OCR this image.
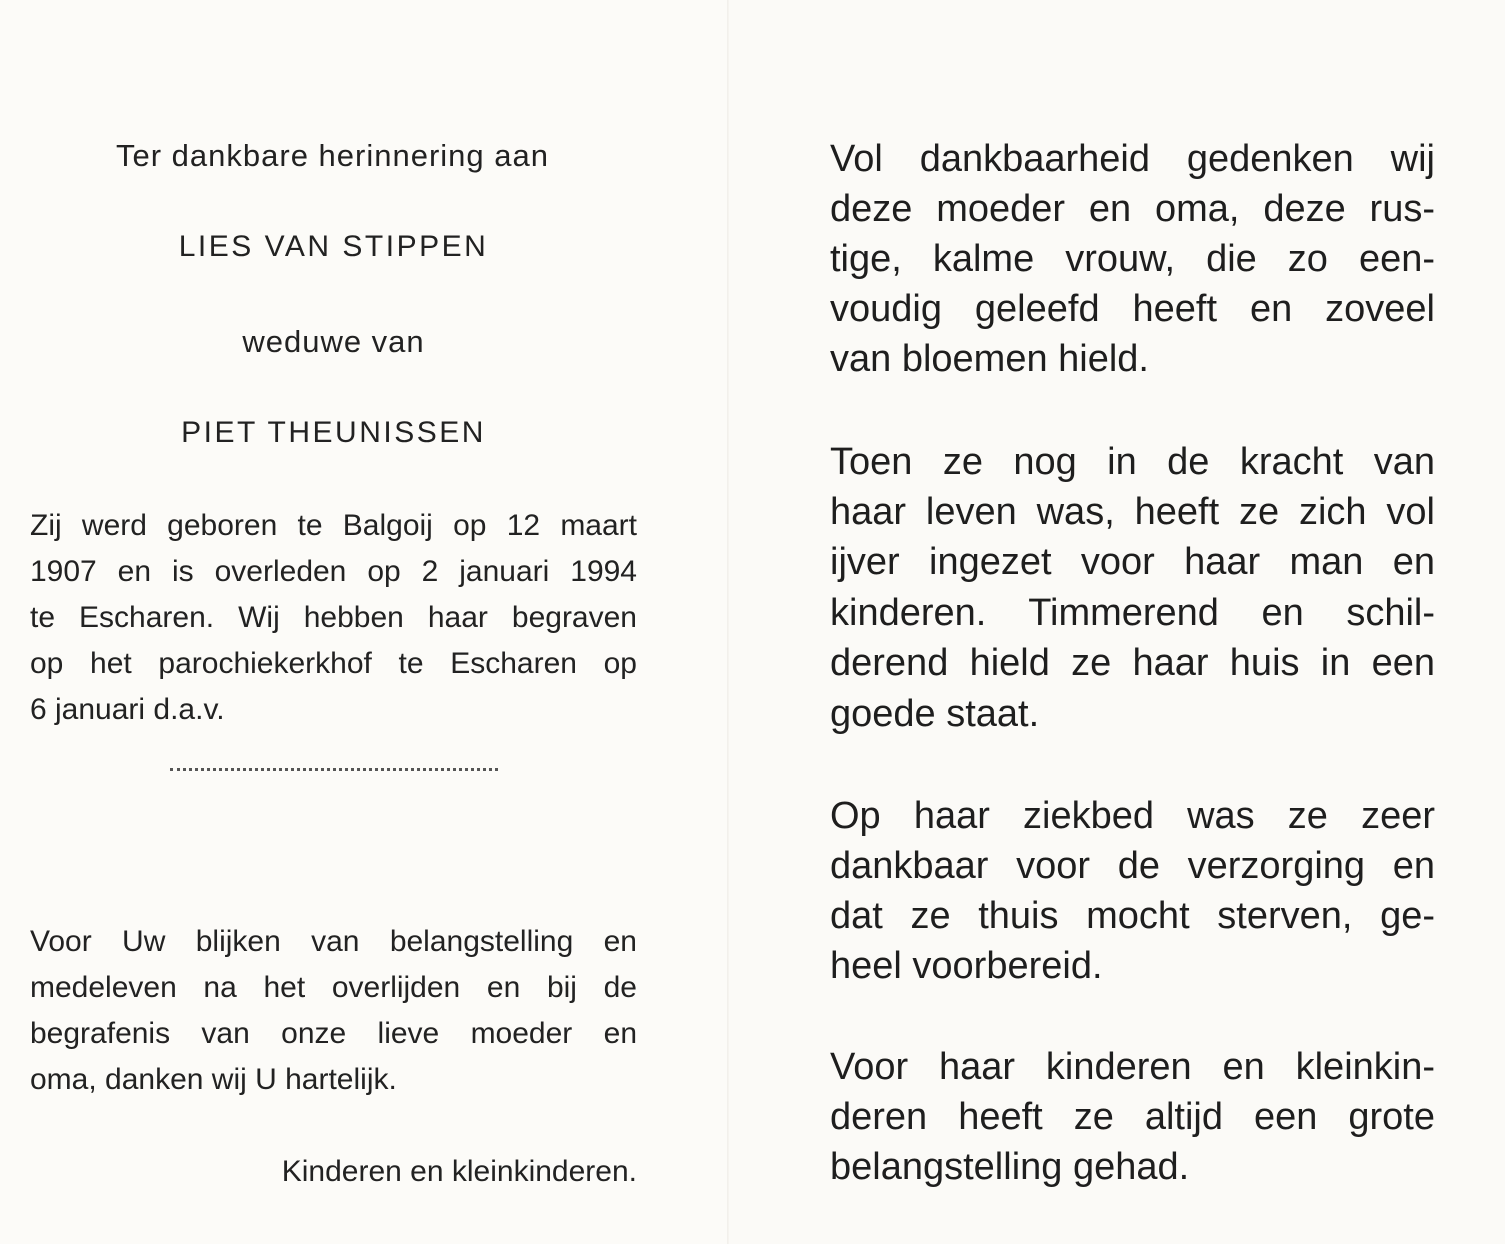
Ter dankbare herinnering aan
LIES VAN STIPPEN
weduwe van
PIET THEUNISSEN
Zij werd geboren te Balgoij op 12 maart
1907 en is overleden op 2 januari 1994
te Escharen. Wij hebben haar begraven
op het parochiekerkhof te Escharen op
6 januari d.a.v.
Voor Uw blijken van belangstelling en
medeleven na het overlijden en bij de
begrafenis van onze lieve moeder en
oma, danken wij U hartelijk.
Kinderen en kleinkinderen.
Vol dankbaarheid gedenken wij
deze moeder en oma, deze rus-
tige, kalme vrouw, die zo een-
voudig geleefd heeft en zoveel
van bloemen hield.
Toen ze nog in de kracht van
haar leven was, heeft ze zich vol
ijver ingezet voor haar man en
kinderen. Timmerend en schil-
derend hield ze haar huis in een
goede staat.
Op haar ziekbed was ze zeer
dankbaar voor de verzorging en
dat ze thuis mocht sterven, ge-
heel voorbereid.
Voor haar kinderen en kleinkin-
deren heeft ze altijd een grote
belangstelling gehad.
